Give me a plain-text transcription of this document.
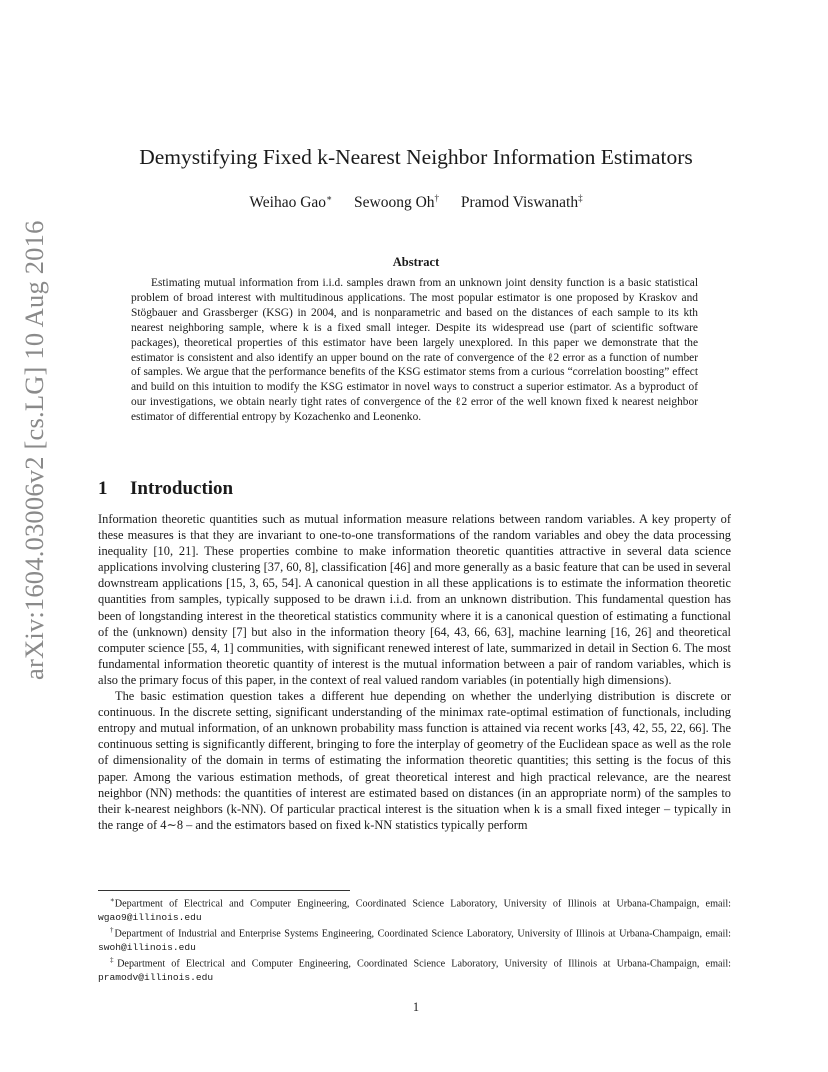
arXiv:1604.03006v2 [cs.LG] 10 Aug 2016
Demystifying Fixed k-Nearest Neighbor Information Estimators
Weihao Gao∗ Sewoong Oh† Pramod Viswanath‡
Abstract

Estimating mutual information from i.i.d. samples drawn from an unknown joint density function is a basic statistical problem of broad interest with multitudinous applications. The most popular estimator is one proposed by Kraskov and Stögbauer and Grassberger (KSG) in 2004, and is nonparametric and based on the distances of each sample to its kth nearest neighboring sample, where k is a fixed small integer. Despite its widespread use (part of scientific software packages), theoretical properties of this estimator have been largely unexplored. In this paper we demonstrate that the estimator is consistent and also identify an upper bound on the rate of convergence of the ℓ2 error as a function of number of samples. We argue that the performance benefits of the KSG estimator stems from a curious “correlation boosting” effect and build on this intuition to modify the KSG estimator in novel ways to construct a superior estimator. As a byproduct of our investigations, we obtain nearly tight rates of convergence of the ℓ2 error of the well known fixed k nearest neighbor estimator of differential entropy by Kozachenko and Leonenko.

1 Introduction

Information theoretic quantities such as mutual information measure relations between random variables. A key property of these measures is that they are invariant to one-to-one transformations of the random variables and obey the data processing inequality [10, 21]. These properties combine to make information theoretic quantities attractive in several data science applications involving clustering [37, 60, 8], classification [46] and more generally as a basic feature that can be used in several downstream applications [15, 3, 65, 54]. A canonical question in all these applications is to estimate the information theoretic quantities from samples, typically supposed to be drawn i.i.d. from an unknown distribution. This fundamental question has been of longstanding interest in the theoretical statistics community where it is a canonical question of estimating a functional of the (unknown) density [7] but also in the information theory [64, 43, 66, 63], machine learning [16, 26] and theoretical computer science [55, 4, 1] communities, with significant renewed interest of late, summarized in detail in Section 6. The most fundamental information theoretic quantity of interest is the mutual information between a pair of random variables, which is also the primary focus of this paper, in the context of real valued random variables (in potentially high dimensions).

The basic estimation question takes a different hue depending on whether the underlying distribution is discrete or continuous. In the discrete setting, significant understanding of the minimax rate-optimal estimation of functionals, including entropy and mutual information, of an unknown probability mass function is attained via recent works [43, 42, 55, 22, 66]. The continuous setting is significantly different, bringing to fore the interplay of geometry of the Euclidean space as well as the role of dimensionality of the domain in terms of estimating the information theoretic quantities; this setting is the focus of this paper. Among the various estimation methods, of great theoretical interest and high practical relevance, are the nearest neighbor (NN) methods: the quantities of interest are estimated based on distances (in an appropriate norm) of the samples to their k-nearest neighbors (k-NN). Of particular practical interest is the situation when k is a small fixed integer – typically in the range of 4∼8 – and the estimators based on fixed k-NN statistics typically perform

∗Department of Electrical and Computer Engineering, Coordinated Science Laboratory, University of Illinois at Urbana-Champaign, email: wgao9@illinois.edu

†Department of Industrial and Enterprise Systems Engineering, Coordinated Science Laboratory, University of Illinois at Urbana-Champaign, email: swoh@illinois.edu

‡Department of Electrical and Computer Engineering, Coordinated Science Laboratory, University of Illinois at Urbana-Champaign, email: pramodv@illinois.edu

1
